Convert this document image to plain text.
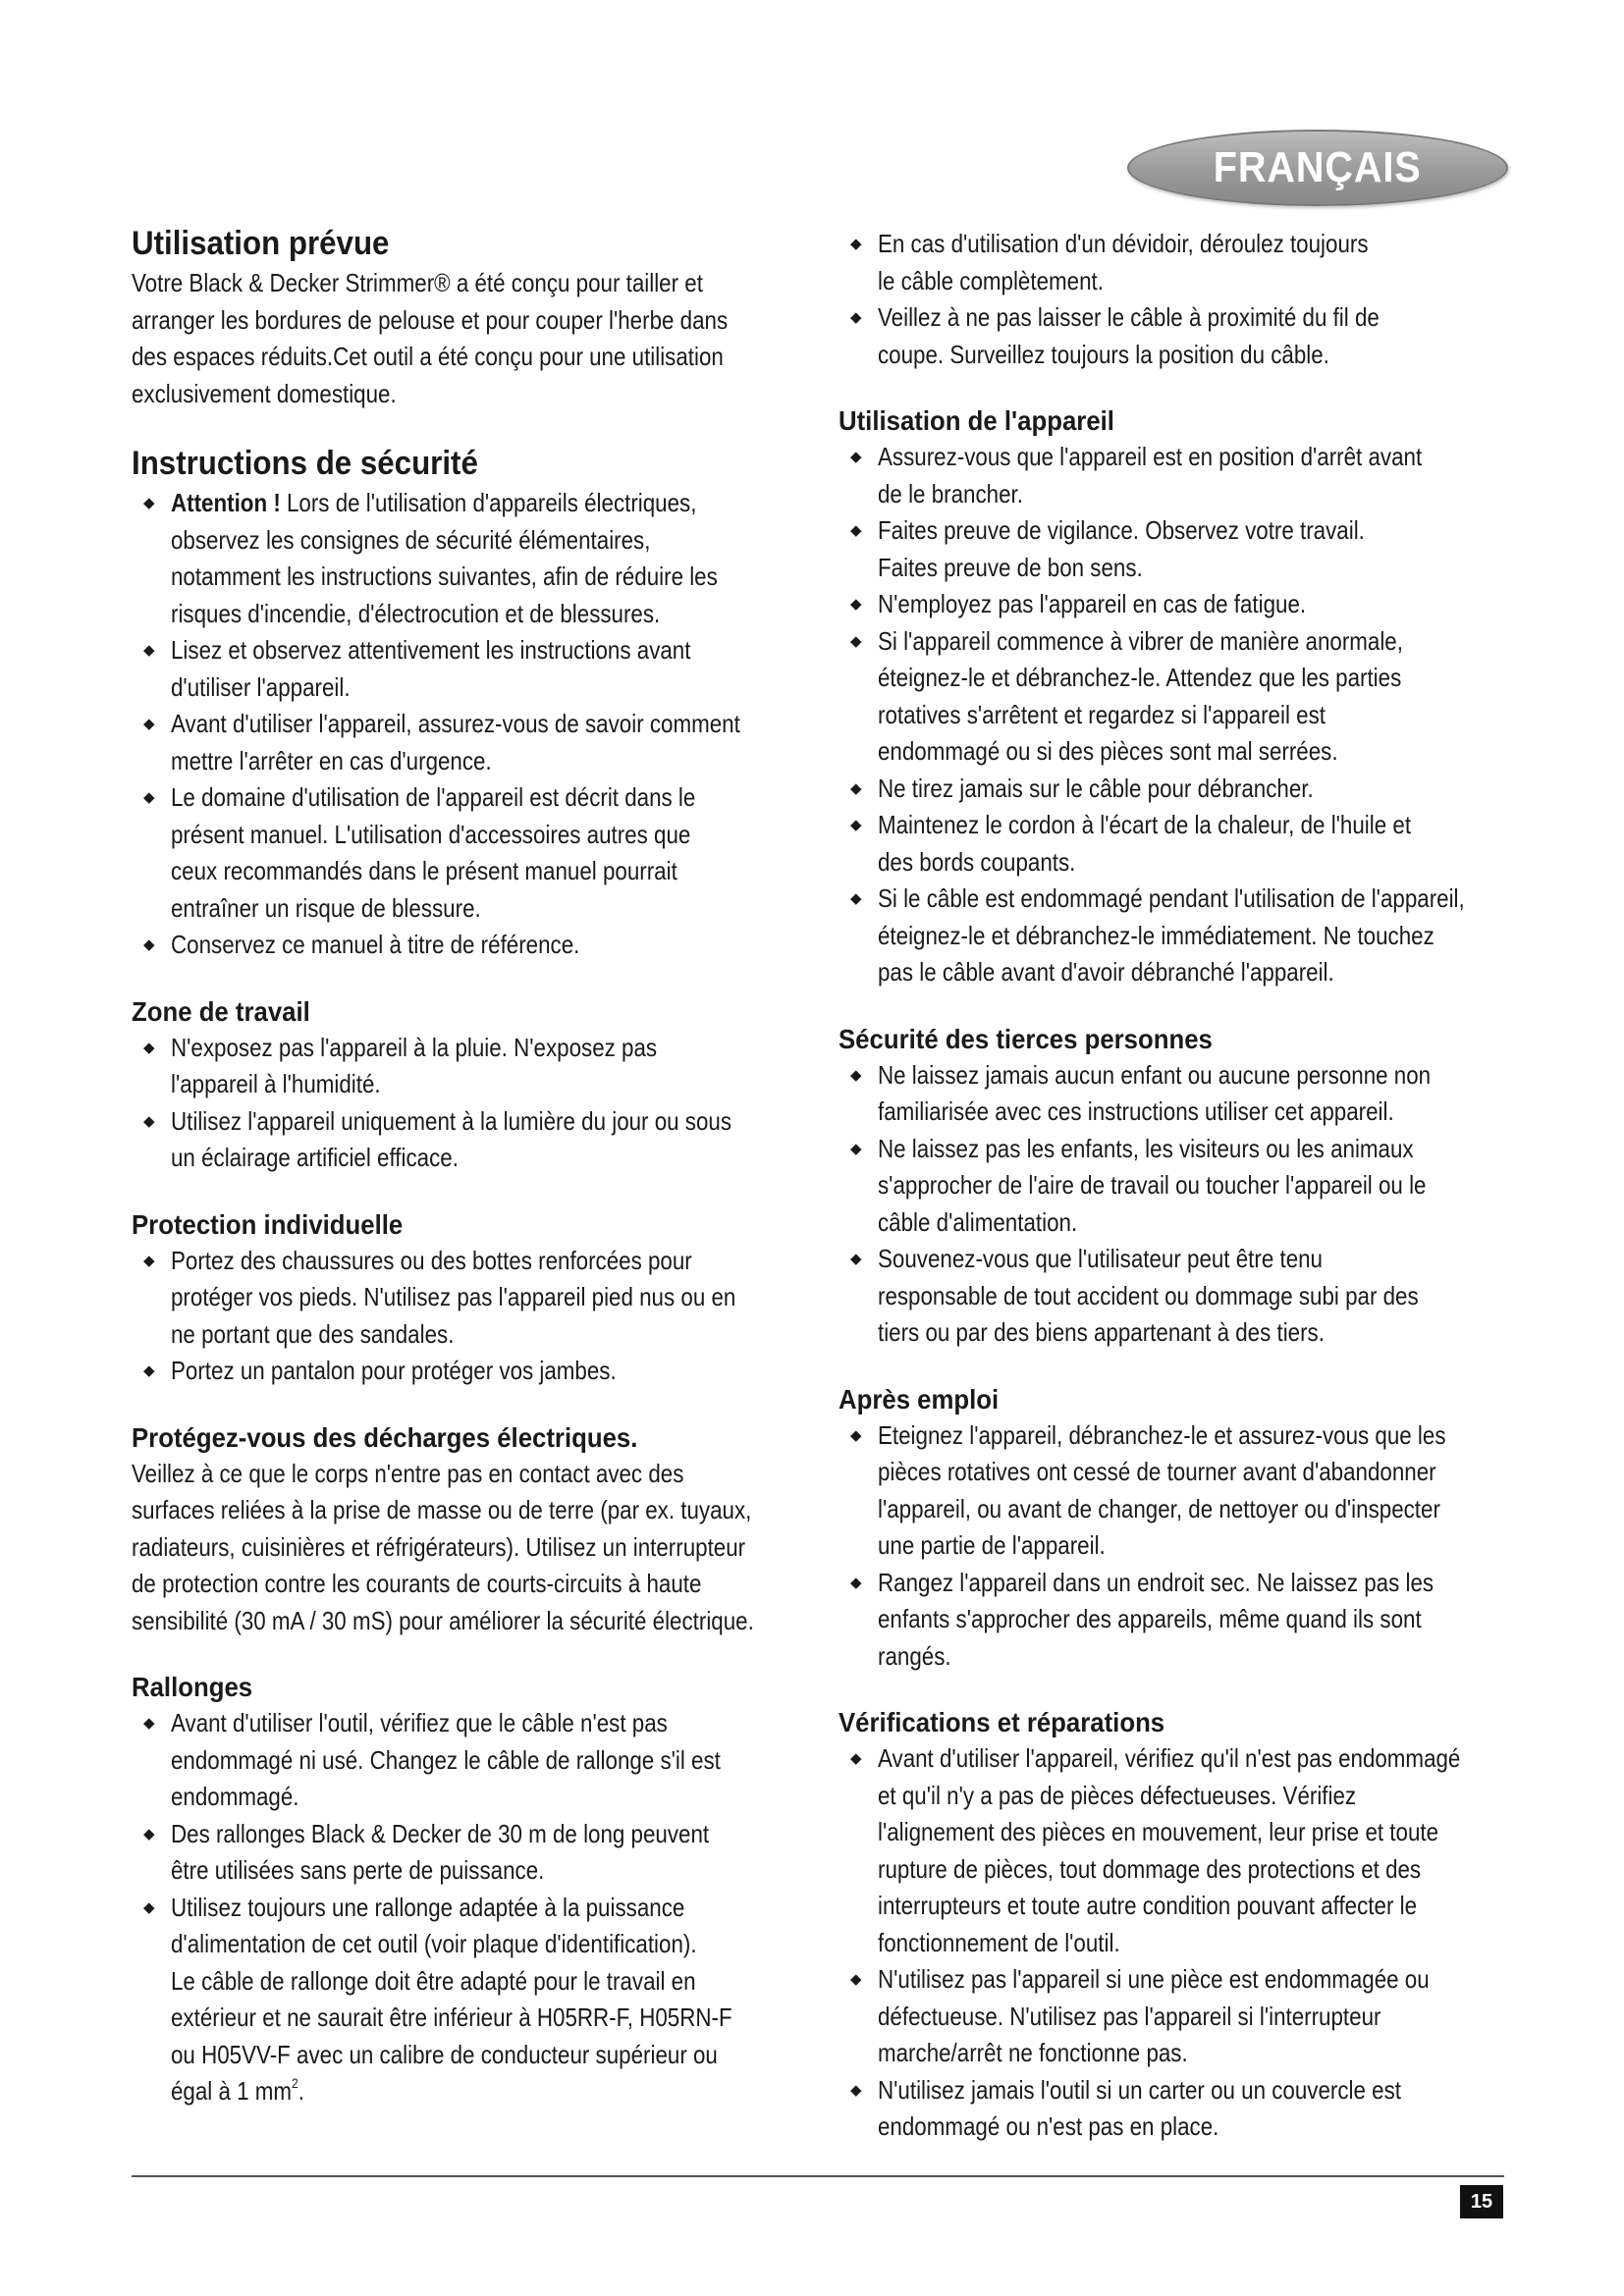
FRANÇAIS
Utilisation prévue

Votre Black & Decker Strimmer® a été conçu pour tailler et

arranger les bordures de pelouse et pour couper l'herbe dans

des espaces réduits.Cet outil a été conçu pour une utilisation

exclusivement domestique.

Instructions de sécurité
◆ Attention ! Lors de l'utilisation d'appareils électriques,
observez les consignes de sécurité élémentaires,
notamment les instructions suivantes, afin de réduire les
risques d'incendie, d'électrocution et de blessures.
◆ Lisez et observez attentivement les instructions avant
d'utiliser l'appareil.
◆ Avant d'utiliser l'appareil, assurez-vous de savoir comment
mettre l'arrêter en cas d'urgence.
◆ Le domaine d'utilisation de l'appareil est décrit dans le
présent manuel. L'utilisation d'accessoires autres que
ceux recommandés dans le présent manuel pourrait
entraîner un risque de blessure.
◆ Conservez ce manuel à titre de référence.
Zone de travail
◆ N'exposez pas l'appareil à la pluie. N'exposez pas
l'appareil à l'humidité.
◆ Utilisez l'appareil uniquement à la lumière du jour ou sous
un éclairage artificiel efficace.
Protection individuelle
◆ Portez des chaussures ou des bottes renforcées pour
protéger vos pieds. N'utilisez pas l'appareil pied nus ou en
ne portant que des sandales.
◆ Portez un pantalon pour protéger vos jambes.
Protégez-vous des décharges électriques.

Veillez à ce que le corps n'entre pas en contact avec des

surfaces reliées à la prise de masse ou de terre (par ex. tuyaux,

radiateurs, cuisinières et réfrigérateurs). Utilisez un interrupteur

de protection contre les courants de courts-circuits à haute

sensibilité (30 mA / 30 mS) pour améliorer la sécurité électrique.

Rallonges
◆ Avant d'utiliser l'outil, vérifiez que le câble n'est pas
endommagé ni usé. Changez le câble de rallonge s'il est
endommagé.
◆ Des rallonges Black & Decker de 30 m de long peuvent
être utilisées sans perte de puissance.
◆ Utilisez toujours une rallonge adaptée à la puissance
d'alimentation de cet outil (voir plaque d'identification).
Le câble de rallonge doit être adapté pour le travail en
extérieur et ne saurait être inférieur à H05RR-F, H05RN-F
ou H05VV-F avec un calibre de conducteur supérieur ou
égal à 1 $mm^2$.
◆ En cas d'utilisation d'un dévidoir, déroulez toujours
le câble complètement.
◆ Veillez à ne pas laisser le câble à proximité du fil de
coupe. Surveillez toujours la position du câble.
Utilisation de l'appareil
◆ Assurez-vous que l'appareil est en position d'arrêt avant
de le brancher.
◆ Faites preuve de vigilance. Observez votre travail.
Faites preuve de bon sens.
◆ N'employez pas l'appareil en cas de fatigue.
◆ Si l'appareil commence à vibrer de manière anormale,
éteignez-le et débranchez-le. Attendez que les parties
rotatives s'arrêtent et regardez si l'appareil est
endommagé ou si des pièces sont mal serrées.
◆ Ne tirez jamais sur le câble pour débrancher.
◆ Maintenez le cordon à l'écart de la chaleur, de l'huile et
des bords coupants.
◆ Si le câble est endommagé pendant l'utilisation de l'appareil,
éteignez-le et débranchez-le immédiatement. Ne touchez
pas le câble avant d'avoir débranché l'appareil.
Sécurité des tierces personnes
◆ Ne laissez jamais aucun enfant ou aucune personne non
familiarisée avec ces instructions utiliser cet appareil.
◆ Ne laissez pas les enfants, les visiteurs ou les animaux
s'approcher de l'aire de travail ou toucher l'appareil ou le
câble d'alimentation.
◆ Souvenez-vous que l'utilisateur peut être tenu
responsable de tout accident ou dommage subi par des
tiers ou par des biens appartenant à des tiers.
Après emploi
◆ Eteignez l'appareil, débranchez-le et assurez-vous que les
pièces rotatives ont cessé de tourner avant d'abandonner
l'appareil, ou avant de changer, de nettoyer ou d'inspecter
une partie de l'appareil.
◆ Rangez l'appareil dans un endroit sec. Ne laissez pas les
enfants s'approcher des appareils, même quand ils sont
rangés.
Vérifications et réparations
◆ Avant d'utiliser l'appareil, vérifiez qu'il n'est pas endommagé
et qu'il n'y a pas de pièces défectueuses. Vérifiez
l'alignement des pièces en mouvement, leur prise et toute
rupture de pièces, tout dommage des protections et des
interrupteurs et toute autre condition pouvant affecter le
fonctionnement de l'outil.
◆ N'utilisez pas l'appareil si une pièce est endommagée ou
défectueuse. N'utilisez pas l'appareil si l'interrupteur
marche/arrêt ne fonctionne pas.
◆ N'utilisez jamais l'outil si un carter ou un couvercle est
endommagé ou n'est pas en place.
15
